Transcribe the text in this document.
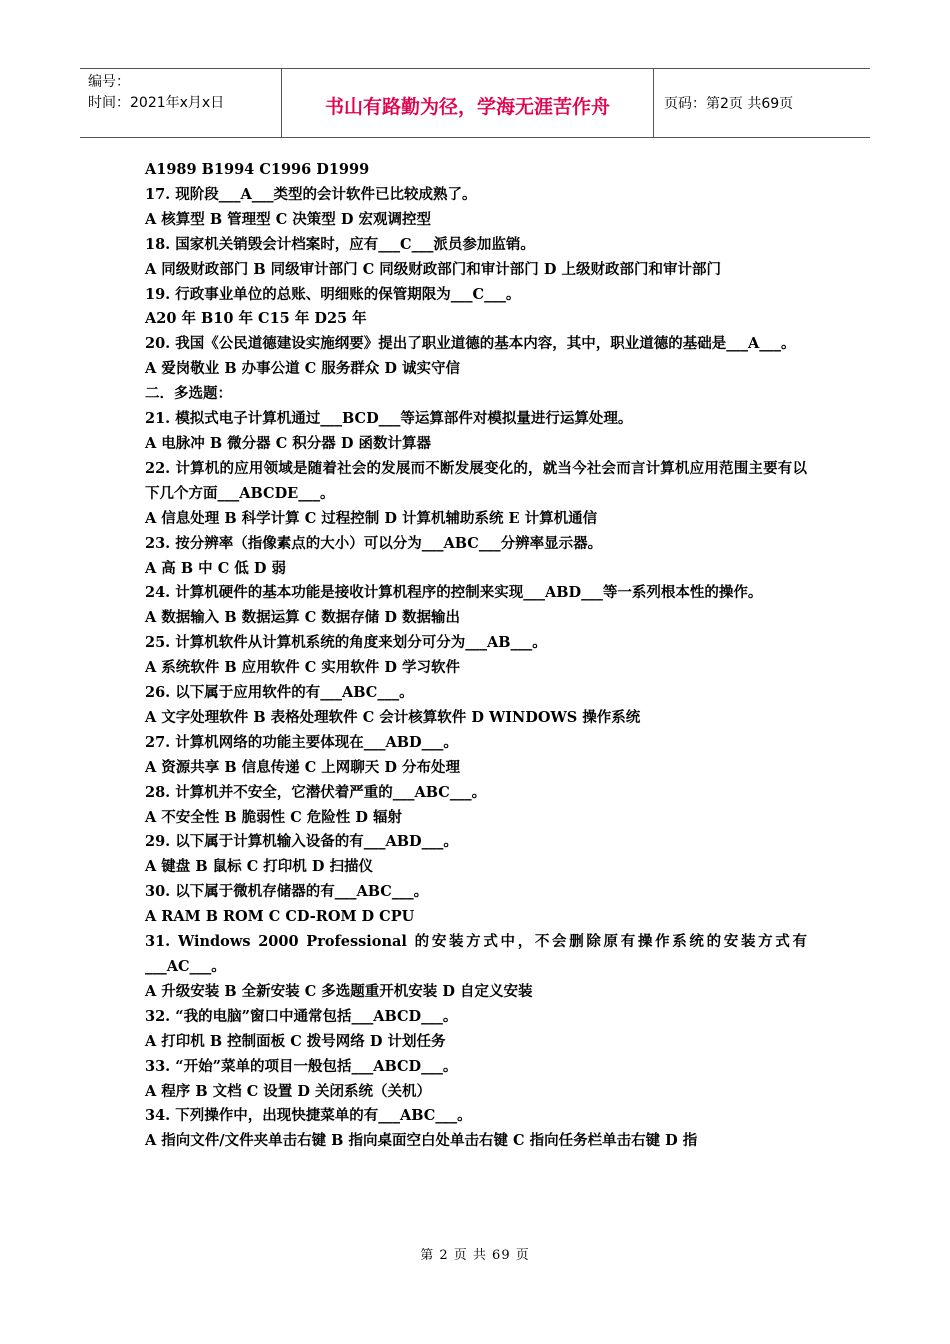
编号：
时间：2021年x月x日	书山有路勤为径，学海无涯苦作舟	页码：第2页 共69页
A1989 B1994 C1996 D1999
17. 现阶段___A___类型的会计软件已比较成熟了。
A 核算型 B 管理型 C 决策型 D 宏观调控型
18. 国家机关销毁会计档案时，应有___C___派员参加监销。
A 同级财政部门 B 同级审计部门 C 同级财政部门和审计部门 D 上级财政部门和审计部门
19. 行政事业单位的总账、明细账的保管期限为___C___。
A20 年 B10 年 C15 年 D25 年
20. 我国《公民道德建设实施纲要》提出了职业道德的基本内容，其中，职业道德的基础是___A___。
A 爱岗敬业 B 办事公道 C 服务群众 D 诚实守信
二．多选题：
21. 模拟式电子计算机通过___BCD___等运算部件对模拟量进行运算处理。
A 电脉冲 B 微分器 C 积分器 D 函数计算器
22. 计算机的应用领域是随着社会的发展而不断发展变化的，就当今社会而言计算机应用范围主要有以下几个方面___ABCDE___。
A 信息处理 B 科学计算 C 过程控制 D 计算机辅助系统 E 计算机通信
23. 按分辨率（指像素点的大小）可以分为___ABC___分辨率显示器。
A 高 B 中 C 低 D 弱
24. 计算机硬件的基本功能是接收计算机程序的控制来实现___ABD___等一系列根本性的操作。
A 数据输入 B 数据运算 C 数据存储 D 数据输出
25. 计算机软件从计算机系统的角度来划分可分为___AB___。
A 系统软件 B 应用软件 C 实用软件 D 学习软件
26. 以下属于应用软件的有___ABC___。
A 文字处理软件 B 表格处理软件 C 会计核算软件 D WINDOWS 操作系统
27. 计算机网络的功能主要体现在___ABD___。
A 资源共享 B 信息传递 C 上网聊天 D 分布处理
28. 计算机并不安全，它潜伏着严重的___ABC___。
A 不安全性 B 脆弱性 C 危险性 D 辐射
29. 以下属于计算机输入设备的有___ABD___。
A 键盘 B 鼠标 C 打印机 D 扫描仪
30. 以下属于微机存储器的有___ABC___。
A RAM B ROM C CD-ROM D CPU
31. Windows 2000 Professional 的安装方式中，不会删除原有操作系统的安装方式有___AC___。
A 升级安装 B 全新安装 C 多选题重开机安装 D 自定义安装
32. “我的电脑”窗口中通常包括___ABCD___。
A 打印机 B 控制面板 C 拨号网络 D 计划任务
33. “开始”菜单的项目一般包括___ABCD___。
A 程序 B 文档 C 设置 D 关闭系统（关机）
34. 下列操作中，出现快捷菜单的有___ABC___。
A 指向文件/文件夹单击右键 B 指向桌面空白处单击右键 C 指向任务栏单击右键 D 指
第 2 页 共 69 页
